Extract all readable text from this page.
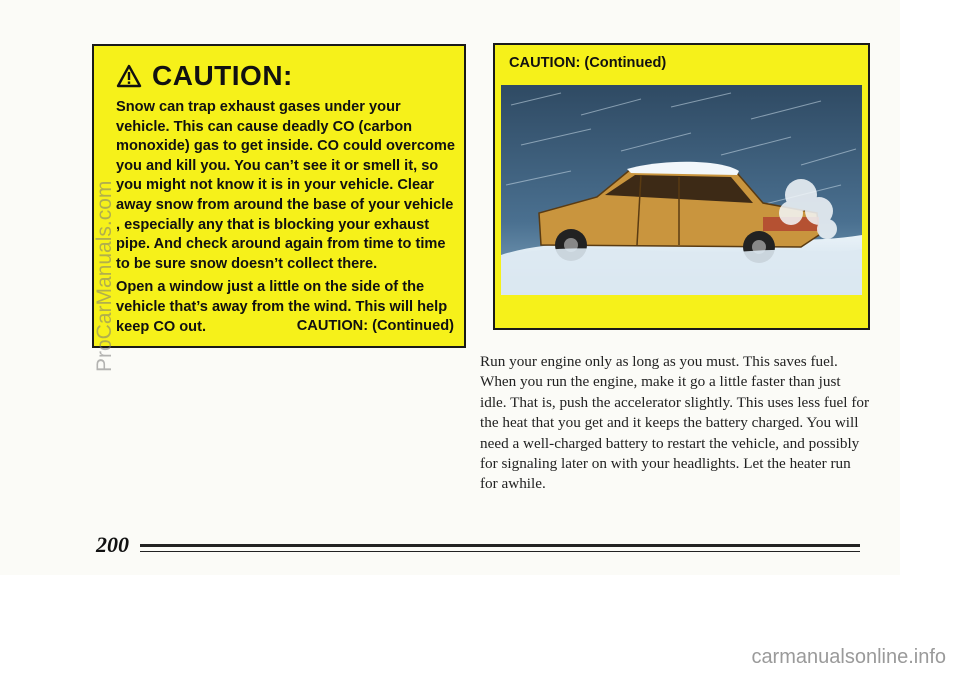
CAUTION:

Snow can trap exhaust gases under your vehicle. This can cause deadly CO (carbon monoxide) gas to get inside. CO could overcome you and kill you. You can’t see it or smell it, so you might not know it is in your vehicle. Clear away snow from around the base of your vehicle , especially any that is blocking your exhaust pipe. And check around again from time to time to be sure snow doesn’t collect there.

Open a window just a little on the side of the vehicle that’s away from the wind. This will help keep CO out.	CAUTION: (Continued)
CAUTION: (Continued)
Run your engine only as long as you must. This saves fuel. When you run the engine, make it go a little faster than just idle. That is, push the accelerator slightly. This uses less fuel for the heat that you get and it keeps the battery charged. You will need a well-charged battery to restart the vehicle, and possibly for signaling later on with your headlights. Let the heater run for awhile.
200
ProCarManuals.com
carmanualsonline.info
